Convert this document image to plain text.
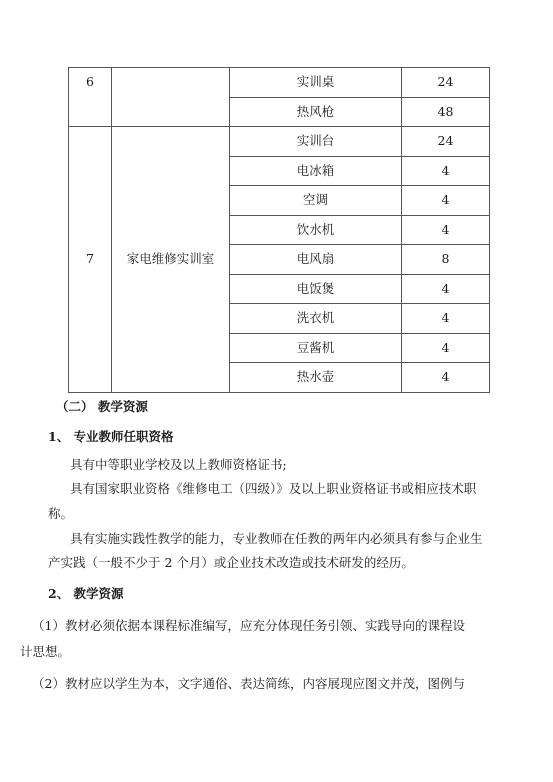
6		实训桌	24
		热风枪	48
7	家电维修实训室	实训台	24
		电冰箱	4
		空调	4
		饮水机	4
		电风扇	8
		电饭煲	4
		洗衣机	4
		豆酱机	4
		热水壶	4
（二） 教学资源
1、 专业教师任职资格
具有中等职业学校及以上教师资格证书;
具有国家职业资格《维修电工（四级）》及以上职业资格证书或相应技术职
称。
具有实施实践性教学的能力，专业教师在任教的两年内必须具有参与企业生
产实践（一般不少于 2 个月）或企业技术改造或技术研发的经历。
2、 教学资源
（1）教材必须依据本课程标准编写，应充分体现任务引领、实践导向的课程设
计思想。
（2）教材应以学生为本，文字通俗、表达简练，内容展现应图文并茂，图例与
